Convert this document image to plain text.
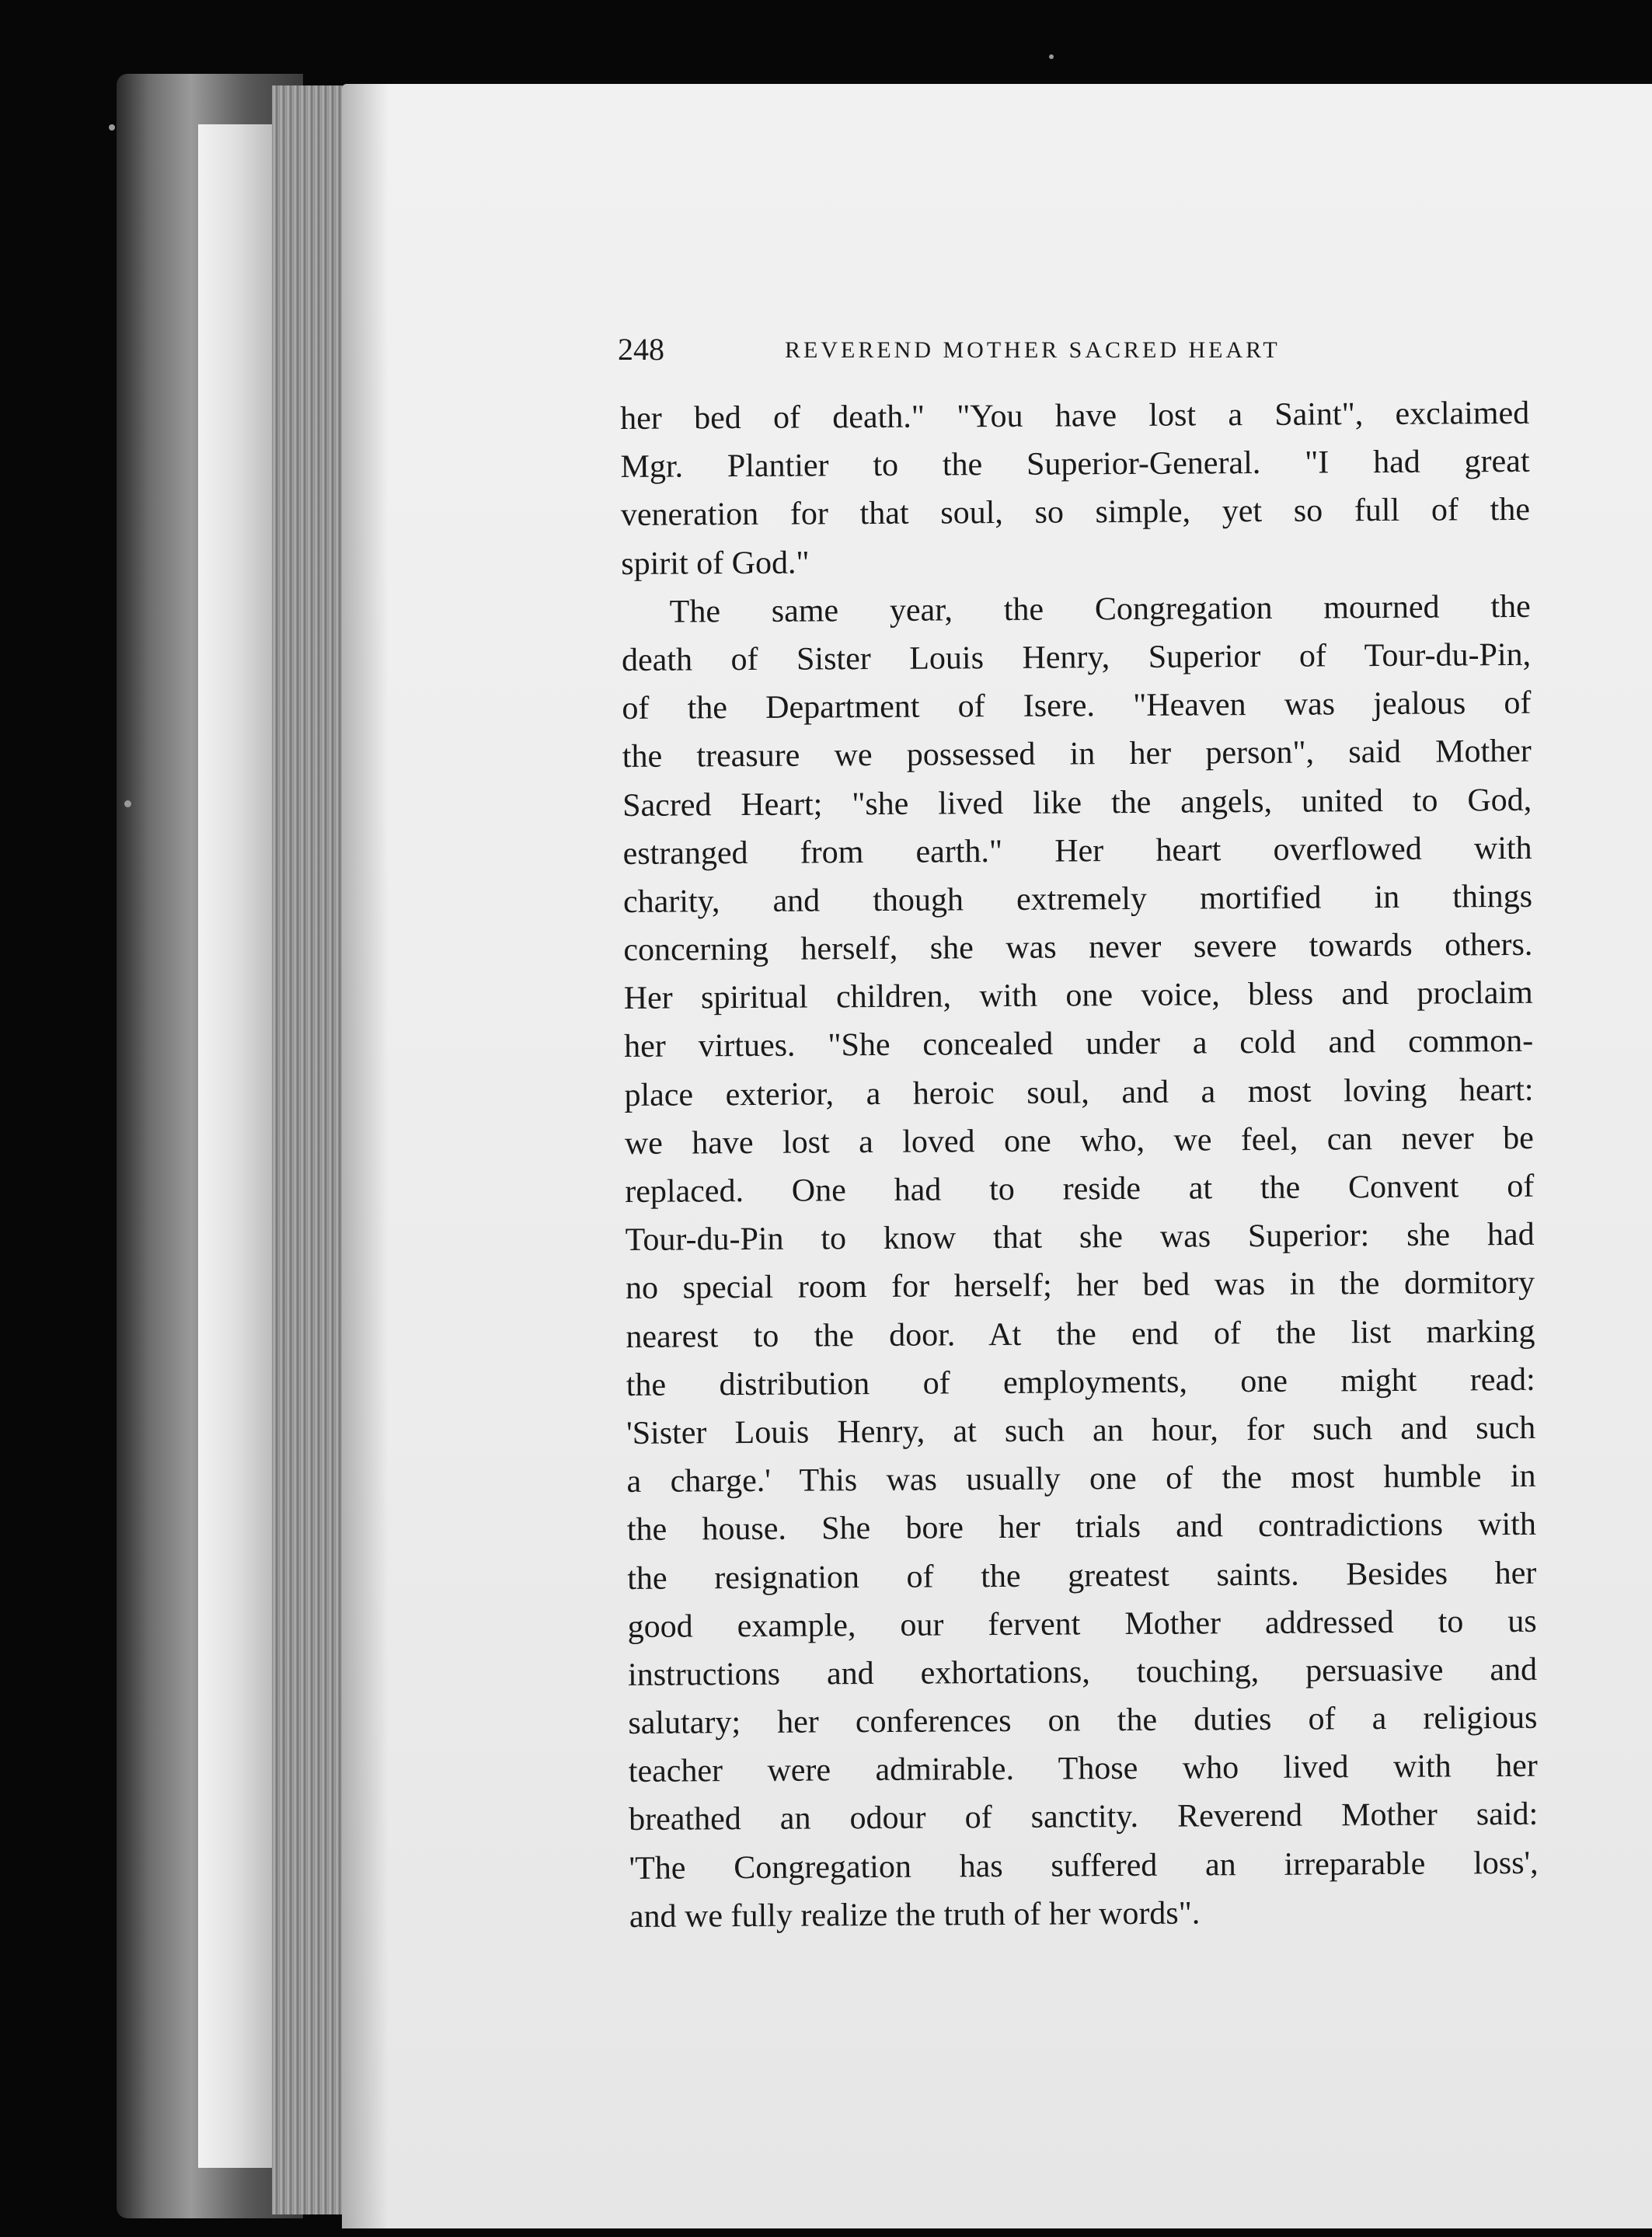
248	REVEREND MOTHER SACRED HEART
her bed of death." "You have lost a Saint", exclaimed
Mgr. Plantier to the Superior-General. "I had great
veneration for that soul, so simple, yet so full of the
spirit of God."
The same year, the Congregation mourned the
death of Sister Louis Henry, Superior of Tour-du-Pin,
of the Department of Isere. "Heaven was jealous of
the treasure we possessed in her person", said Mother
Sacred Heart; "she lived like the angels, united to God,
estranged from earth." Her heart overflowed with
charity, and though extremely mortified in things
concerning herself, she was never severe towards others.
Her spiritual children, with one voice, bless and proclaim
her virtues. "She concealed under a cold and common-
place exterior, a heroic soul, and a most loving heart:
we have lost a loved one who, we feel, can never be
replaced. One had to reside at the Convent of
Tour-du-Pin to know that she was Superior: she had
no special room for herself; her bed was in the dormitory
nearest to the door. At the end of the list marking
the distribution of employments, one might read:
'Sister Louis Henry, at such an hour, for such and such
a charge.' This was usually one of the most humble in
the house. She bore her trials and contradictions with
the resignation of the greatest saints. Besides her
good example, our fervent Mother addressed to us
instructions and exhortations, touching, persuasive and
salutary; her conferences on the duties of a religious
teacher were admirable. Those who lived with her
breathed an odour of sanctity. Reverend Mother said:
'The Congregation has suffered an irreparable loss',
and we fully realize the truth of her words".
